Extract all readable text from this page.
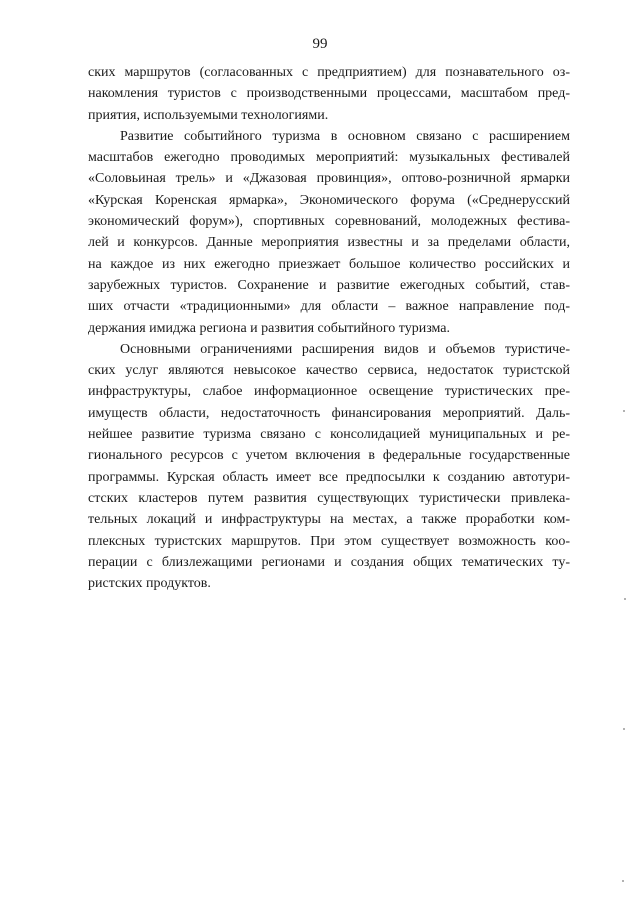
99
ских маршрутов (согласованных с предприятием) для познавательного оз-
накомления туристов с производственными процессами, масштабом пред-
приятия, используемыми технологиями.
Развитие событийного туризма в основном связано с расширением
масштабов ежегодно проводимых мероприятий: музыкальных фестивалей
«Соловьиная трель» и «Джазовая провинция», оптово-розничной ярмарки
«Курская Коренская ярмарка», Экономического форума («Среднерусский
экономический форум»), спортивных соревнований, молодежных фестива-
лей и конкурсов. Данные мероприятия известны и за пределами области,
на каждое из них ежегодно приезжает большое количество российских и
зарубежных туристов. Сохранение и развитие ежегодных событий, став-
ших отчасти «традиционными» для области – важное направление под-
держания имиджа региона и развития событийного туризма.
Основными ограничениями расширения видов и объемов туристиче-
ских услуг являются невысокое качество сервиса, недостаток туристской
инфраструктуры, слабое информационное освещение туристических пре-
имуществ области, недостаточность финансирования мероприятий. Даль-
нейшее развитие туризма связано с консолидацией муниципальных и ре-
гионального ресурсов с учетом включения в федеральные государственные
программы. Курская область имеет все предпосылки к созданию автотури-
стских кластеров путем развития существующих туристически привлека-
тельных локаций и инфраструктуры на местах, а также проработки ком-
плексных туристских маршрутов. При этом существует возможность коо-
перации с близлежащими регионами и создания общих тематических ту-
ристских продуктов.
